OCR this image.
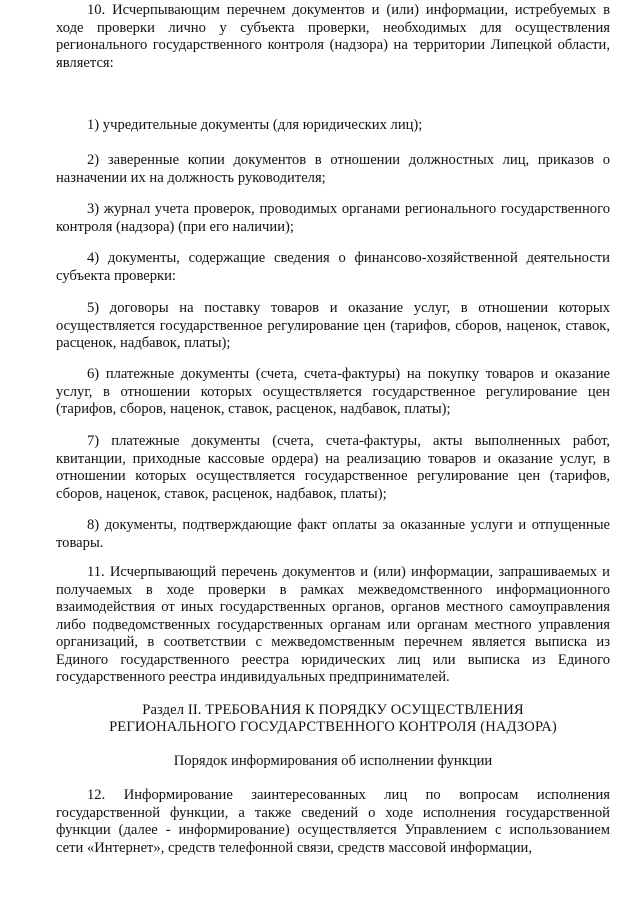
10. Исчерпывающим перечнем документов и (или) информации, истребуемых в ходе проверки лично у субъекта проверки, необходимых для осуществления регионального государственного контроля (надзора) на территории Липецкой области, является:

1) учредительные документы (для юридических лиц);

2) заверенные копии документов в отношении должностных лиц, приказов о назначении их на должность руководителя;

3) журнал учета проверок, проводимых органами регионального государственного контроля (надзора) (при его наличии);

4) документы, содержащие сведения о финансово-хозяйственной деятельности субъекта проверки:

5) договоры на поставку товаров и оказание услуг, в отношении которых осуществляется государственное регулирование цен (тарифов, сборов, наценок, ставок, расценок, надбавок, платы);

6) платежные документы (счета, счета-фактуры) на покупку товаров и оказание услуг, в отношении которых осуществляется государственное регулирование цен (тарифов, сборов, наценок, ставок, расценок, надбавок, платы);

7) платежные документы (счета, счета-фактуры, акты выполненных работ, квитанции, приходные кассовые ордера) на реализацию товаров и оказание услуг, в отношении которых осуществляется государственное регулирование цен (тарифов, сборов, наценок, ставок, расценок, надбавок, платы);

8) документы, подтверждающие факт оплаты за оказанные услуги и отпущенные товары.

11. Исчерпывающий перечень документов и (или) информации, запрашиваемых и получаемых в ходе проверки в рамках межведомственного информационного взаимодействия от иных государственных органов, органов местного самоуправления либо подведомственных государственных органам или органам местного управления организаций, в соответствии с межведомственным перечнем является выписка из Единого государственного реестра юридических лиц или выписка из Единого государственного реестра индивидуальных предпринимателей.

Раздел II. ТРЕБОВАНИЯ К ПОРЯДКУ ОСУЩЕСТВЛЕНИЯ

РЕГИОНАЛЬНОГО ГОСУДАРСТВЕННОГО КОНТРОЛЯ (НАДЗОРА)

Порядок информирования об исполнении функции

12. Информирование заинтересованных лиц по вопросам исполнения государственной функции, а также сведений о ходе исполнения государственной функции (далее - информирование) осуществляется Управлением с использованием сети «Интернет», средств телефонной связи, средств массовой информации,
